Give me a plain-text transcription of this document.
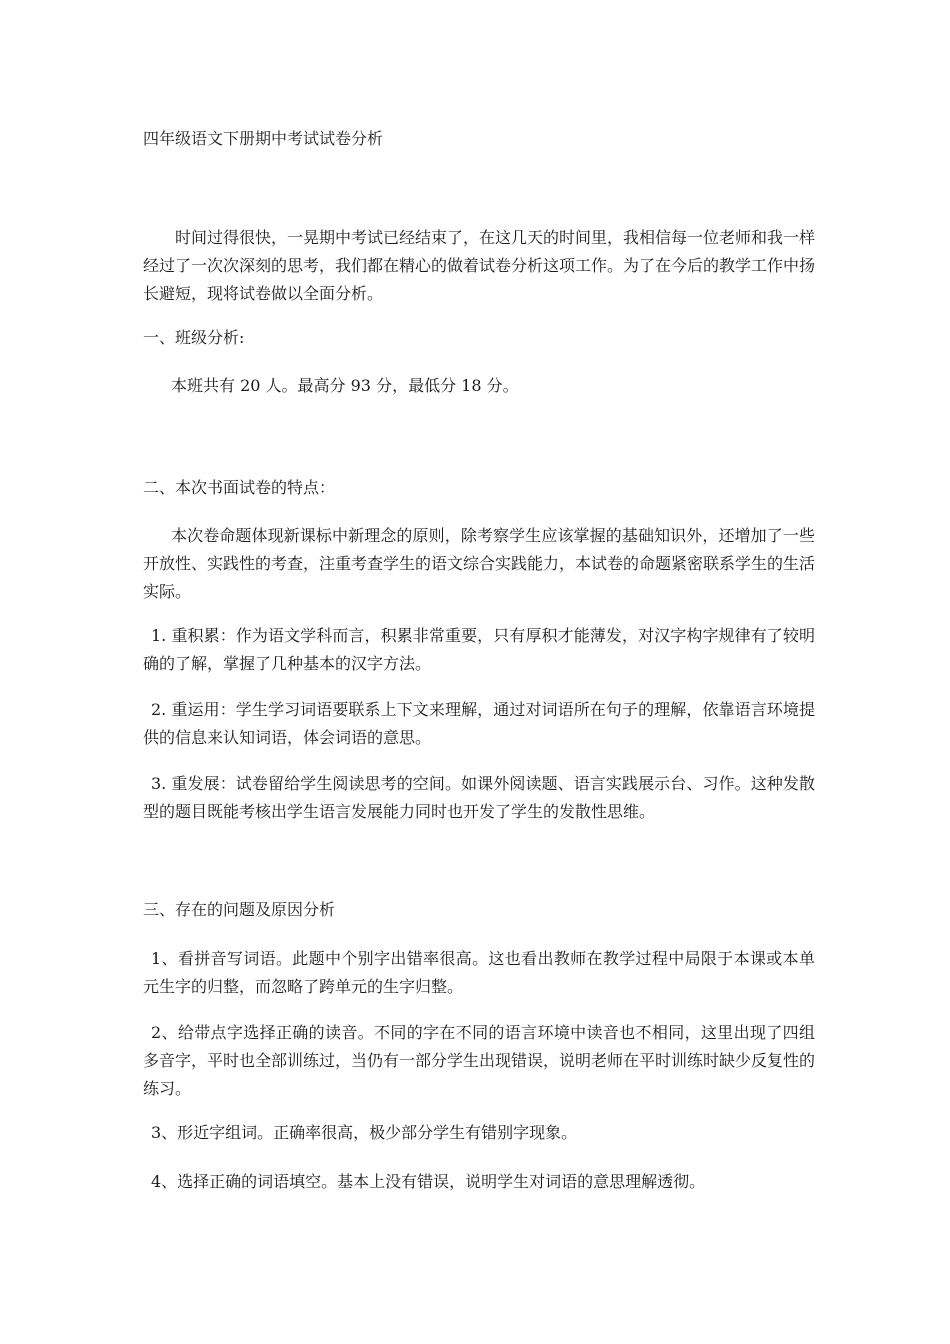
四年级语文下册期中考试试卷分析

时间过得很快，一晃期中考试已经结束了，在这几天的时间里，我相信每一位老师和我一样经过了一次次深刻的思考，我们都在精心的做着试卷分析这项工作。为了在今后的教学工作中扬长避短，现将试卷做以全面分析。

一、班级分析:

本班共有 20 人。最高分 93 分，最低分 18 分。

二、本次书面试卷的特点：

本次卷命题体现新课标中新理念的原则，除考察学生应该掌握的基础知识外，还增加了一些开放性、实践性的考查，注重考查学生的语文综合实践能力，本试卷的命题紧密联系学生的生活实际。

1. 重积累：作为语文学科而言，积累非常重要，只有厚积才能薄发，对汉字构字规律有了较明确的了解，掌握了几种基本的汉字方法。

2. 重运用：学生学习词语要联系上下文来理解，通过对词语所在句子的理解，依靠语言环境提供的信息来认知词语，体会词语的意思。

3. 重发展：试卷留给学生阅读思考的空间。如课外阅读题、语言实践展示台、习作。这种发散型的题目既能考核出学生语言发展能力同时也开发了学生的发散性思维。

三、存在的问题及原因分析

1、看拼音写词语。此题中个别字出错率很高。这也看出教师在教学过程中局限于本课或本单元生字的归整，而忽略了跨单元的生字归整。

2、给带点字选择正确的读音。不同的字在不同的语言环境中读音也不相同，这里出现了四组多音字，平时也全部训练过，当仍有一部分学生出现错误，说明老师在平时训练时缺少反复性的练习。

3、形近字组词。正确率很高，极少部分学生有错别字现象。

4、选择正确的词语填空。基本上没有错误，说明学生对词语的意思理解透彻。
